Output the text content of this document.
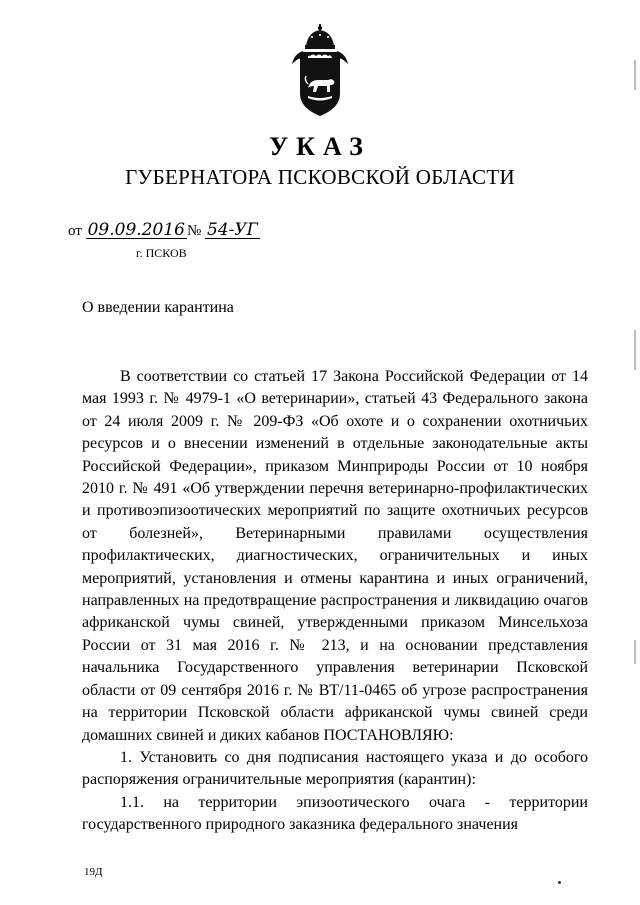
УКАЗ
ГУБЕРНАТОРА ПСКОВСКОЙ ОБЛАСТИ
от 09.09.2016 № 54-УГ
г. ПСКОВ
О введении карантина

В соответствии со статьей 17 Закона Российской Федерации от 14 мая 1993 г. № 4979-1 «О ветеринарии», статьей 43 Федерального закона от 24 июля 2009 г. № 209-ФЗ «Об охоте и о сохранении охотничьих ресурсов и о внесении изменений в отдельные законодательные акты Российской Федерации», приказом Минприроды России от 10 ноября 2010 г. № 491 «Об утверждении перечня ветеринарно-профилактических и противоэпизоотических мероприятий по защите охотничьих ресурсов от болезней», Ветеринарными правилами осуществления профилактических, диагностических, ограничительных и иных мероприятий, установления и отмены карантина и иных ограничений, направленных на предотвращение распространения и ликвидацию очагов африканской чумы свиней, утвержденными приказом Минсельхоза России от 31 мая 2016 г. № 213, и на основании представления начальника Государственного управления ветеринарии Псковской области от 09 сентября 2016 г. № ВТ/11-0465 об угрозе распространения на территории Псковской области африканской чумы свиней среди домашних свиней и диких кабанов ПОСТАНОВЛЯЮ:

1. Установить со дня подписания настоящего указа и до особого распоряжения ограничительные мероприятия (карантин):

1.1. на территории эпизоотического очага - территории государственного природного заказника федерального значения

19Д
